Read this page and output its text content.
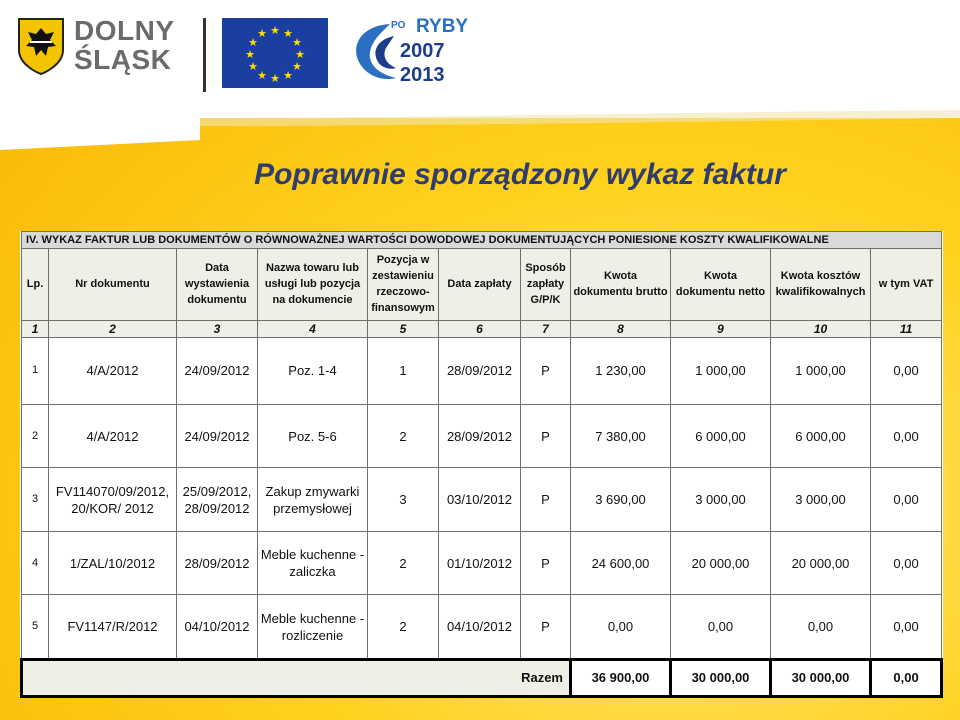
DOLNY
ŚLĄSK
★ ★
★
★
★
★
★
★
★
★
★
★
PO RYBY
2007
2013
Poprawnie sporządzony wykaz faktur
IV. WYKAZ FAKTUR LUB DOKUMENTÓW O RÓWNOWAŻNEJ WARTOŚCI DOWODOWEJ DOKUMENTUJĄCYCH PONIESIONE KOSZTY KWALIFIKOWALNE										
Lp.	Nr dokumentu	Data wystawienia dokumentu	Nazwa towaru lub usługi lub pozycja na dokumencie	Pozycja w zestawieniu rzeczowo-finansowym	Data zapłaty	Sposób zapłaty G/P/K	Kwota dokumentu brutto	Kwota dokumentu netto	Kwota kosztów kwalifikowalnych	w tym VAT
1	2	3	4	5	6	7	8	9	10	11
1	4/A/2012	24/09/2012	Poz. 1-4	1	28/09/2012	P	1 230,00	1 000,00	1 000,00	0,00
2	4/A/2012	24/09/2012	Poz. 5-6	2	28/09/2012	P	7 380,00	6 000,00	6 000,00	0,00
3	FV114070/09/2012, 20/KOR/ 2012	25/09/2012, 28/09/2012	Zakup zmywarki przemysłowej	3	03/10/2012	P	3 690,00	3 000,00	3 000,00	0,00
4	1/ZAL/10/2012	28/09/2012	Meble kuchenne - zaliczka	2	01/10/2012	P	24 600,00	20 000,00	20 000,00	0,00
5	FV1147/R/2012	04/10/2012	Meble kuchenne - rozliczenie	2	04/10/2012	P	0,00	0,00	0,00	0,00
Razem							36 900,00	30 000,00	30 000,00	0,00
